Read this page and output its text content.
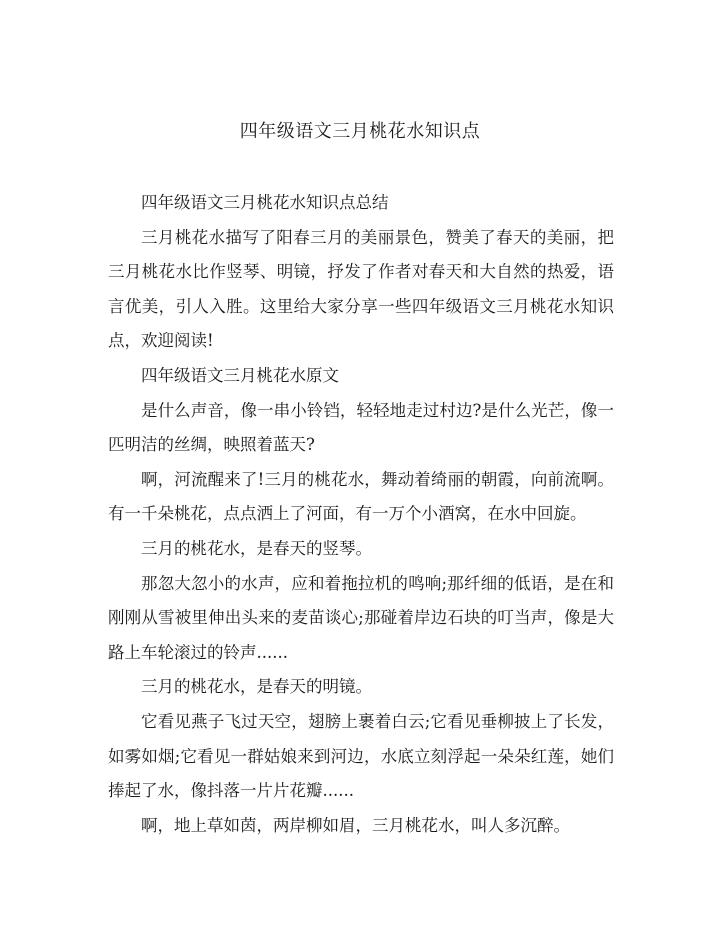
四年级语文三月桃花水知识点

四年级语文三月桃花水知识点总结

三月桃花水描写了阳春三月的美丽景色，赞美了春天的美丽，把三月桃花水比作竖琴、明镜，抒发了作者对春天和大自然的热爱，语言优美，引人入胜。这里给大家分享一些四年级语文三月桃花水知识点，欢迎阅读!

四年级语文三月桃花水原文

是什么声音，像一串小铃铛，轻轻地走过村边?是什么光芒，像一匹明洁的丝绸，映照着蓝天?

啊，河流醒来了!三月的桃花水，舞动着绮丽的朝霞，向前流啊。有一千朵桃花，点点洒上了河面，有一万个小酒窝，在水中回旋。

三月的桃花水，是春天的竖琴。

那忽大忽小的水声，应和着拖拉机的鸣响;那纤细的低语，是在和刚刚从雪被里伸出头来的麦苗谈心;那碰着岸边石块的叮当声，像是大路上车轮滚过的铃声......

三月的桃花水，是春天的明镜。

它看见燕子飞过天空，翅膀上裹着白云;它看见垂柳披上了长发，如雾如烟;它看见一群姑娘来到河边，水底立刻浮起一朵朵红莲，她们捧起了水，像抖落一片片花瓣......

啊，地上草如茵，两岸柳如眉，三月桃花水，叫人多沉醉。
